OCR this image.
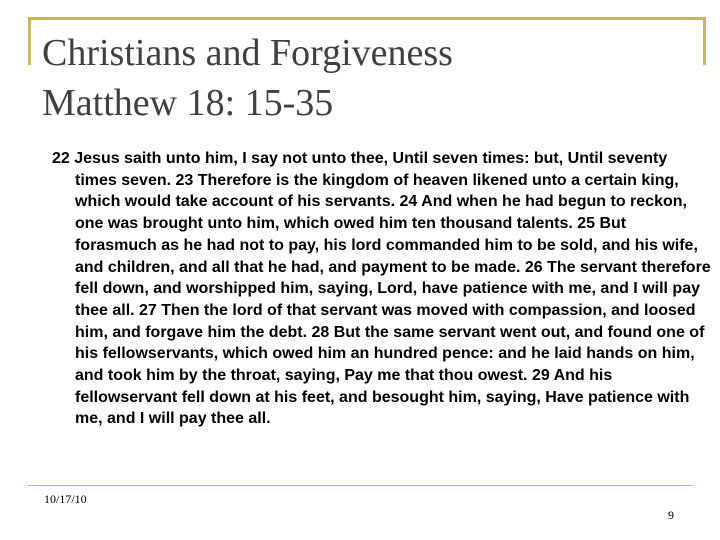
Christians and Forgiveness
Matthew 18: 15-35

22 Jesus saith unto him, I say not unto thee, Until seven times: but, Until seventy times seven. 23 Therefore is the kingdom of heaven likened unto a certain king, which would take account of his servants. 24 And when he had begun to reckon, one was brought unto him, which owed him ten thousand talents. 25 But forasmuch as he had not to pay, his lord commanded him to be sold, and his wife, and children, and all that he had, and payment to be made. 26 The servant therefore fell down, and worshipped him, saying, Lord, have patience with me, and I will pay thee all. 27 Then the lord of that servant was moved with compassion, and loosed him, and forgave him the debt. 28 But the same servant went out, and found one of his fellowservants, which owed him an hundred pence: and he laid hands on him, and took him by the throat, saying, Pay me that thou owest. 29 And his fellowservant fell down at his feet, and besought him, saying, Have patience with me, and I will pay thee all.

10/17/10
9
